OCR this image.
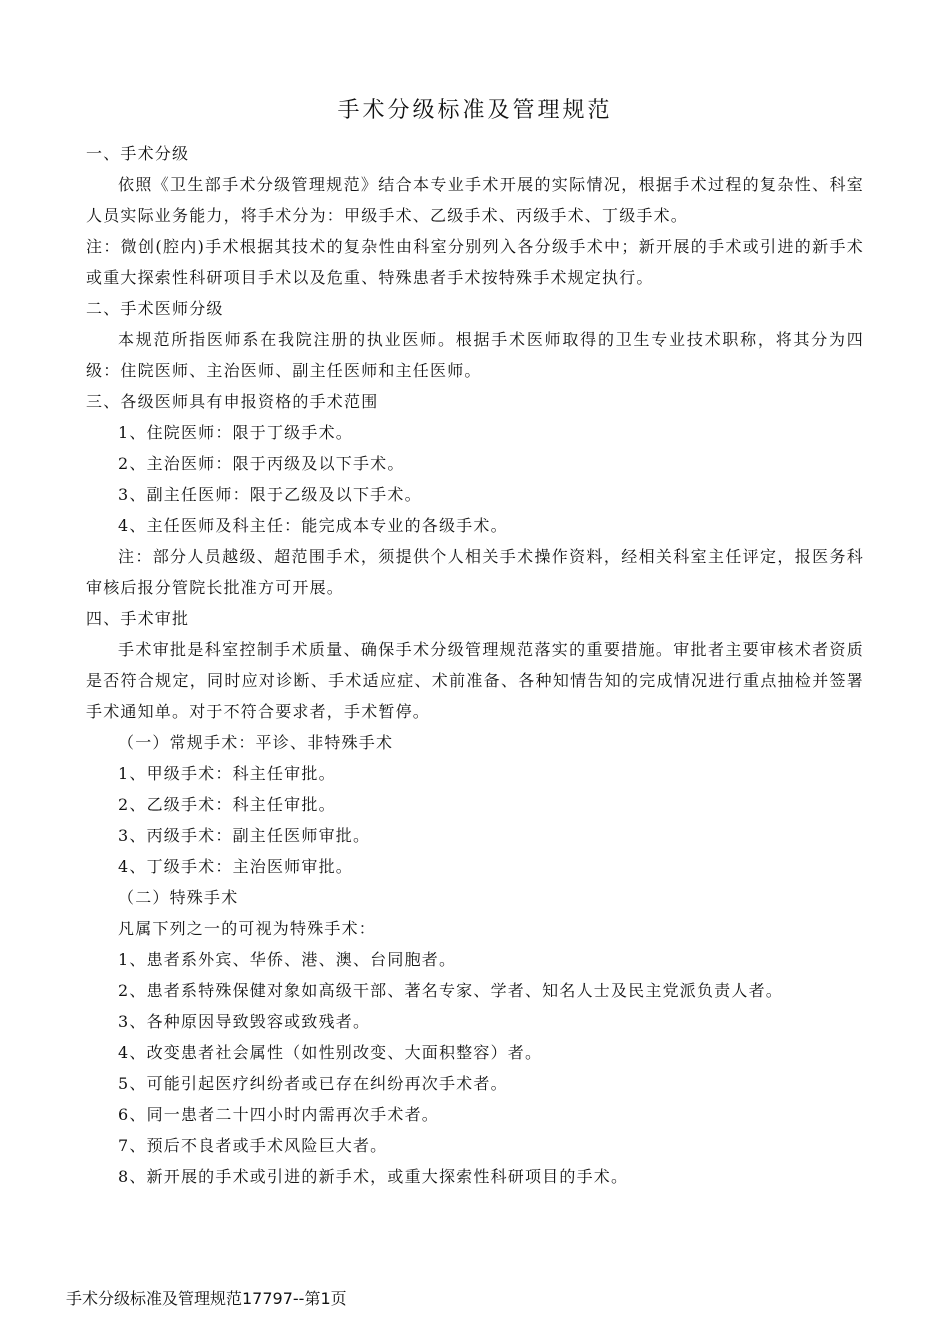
手术分级标准及管理规范

一、手术分级

依照《卫生部手术分级管理规范》结合本专业手术开展的实际情况，根据手术过程的复杂性、科室人员实际业务能力，将手术分为：甲级手术、乙级手术、丙级手术、丁级手术。

注：微创(腔内)手术根据其技术的复杂性由科室分别列入各分级手术中；新开展的手术或引进的新手术或重大探索性科研项目手术以及危重、特殊患者手术按特殊手术规定执行。

二、手术医师分级

本规范所指医师系在我院注册的执业医师。根据手术医师取得的卫生专业技术职称，将其分为四级：住院医师、主治医师、副主任医师和主任医师。

三、各级医师具有申报资格的手术范围

1、住院医师：限于丁级手术。

2、主治医师：限于丙级及以下手术。

3、副主任医师：限于乙级及以下手术。

4、主任医师及科主任：能完成本专业的各级手术。

注：部分人员越级、超范围手术，须提供个人相关手术操作资料，经相关科室主任评定，报医务科审核后报分管院长批准方可开展。

四、手术审批

手术审批是科室控制手术质量、确保手术分级管理规范落实的重要措施。审批者主要审核术者资质是否符合规定，同时应对诊断、手术适应症、术前准备、各种知情告知的完成情况进行重点抽检并签署手术通知单。对于不符合要求者，手术暂停。

（一）常规手术：平诊、非特殊手术

1、甲级手术：科主任审批。

2、乙级手术：科主任审批。

3、丙级手术：副主任医师审批。

4、丁级手术：主治医师审批。

（二）特殊手术

凡属下列之一的可视为特殊手术：

1、患者系外宾、华侨、港、澳、台同胞者。

2、患者系特殊保健对象如高级干部、著名专家、学者、知名人士及民主党派负责人者。

3、各种原因导致毁容或致残者。

4、改变患者社会属性（如性别改变、大面积整容）者。

5、可能引起医疗纠纷者或已存在纠纷再次手术者。

6、同一患者二十四小时内需再次手术者。

7、预后不良者或手术风险巨大者。

8、新开展的手术或引进的新手术，或重大探索性科研项目的手术。

手术分级标准及管理规范17797--第1页
